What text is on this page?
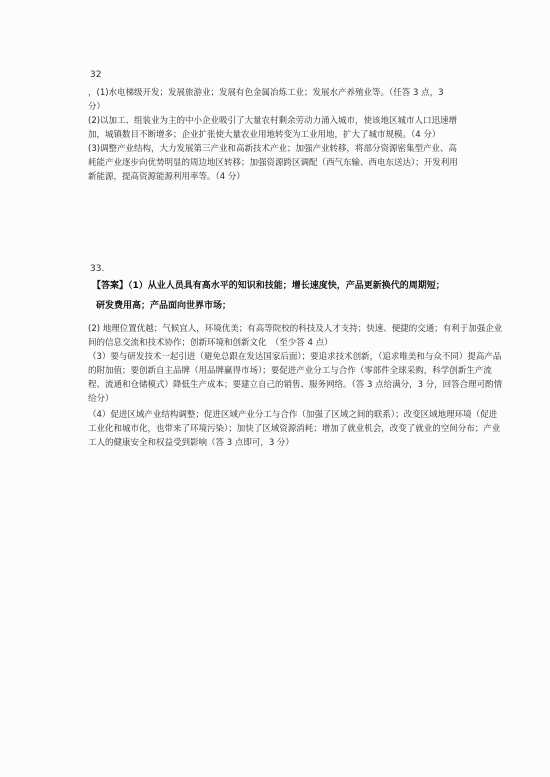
32

，(1)水电梯级开发；发展旅游业；发展有色金属冶炼工业；发展水产养殖业等。（任答 3 点，3 分）

(2)以加工、组装业为主的中小企业吸引了大量农村剩余劳动力涌入城市，使该地区城市人口迅速增加，城镇数目不断增多；企业扩张使大量农业用地转变为工业用地，扩大了城市规模。（4 分）

(3)调整产业结构，大力发展第三产业和高新技术产业；加强产业转移，将部分资源密集型产业、高耗能产业逐步向优势明显的周边地区转移；加强资源跨区调配（西气东输、西电东送达）；开发利用新能源，提高资源能源利用率等。（4 分）

33.

【答案】（1）从业人员具有高水平的知识和技能；增长速度快，产品更新换代的周期短；

研发费用高；产品面向世界市场；

(2) 地理位置优越；气候宜人，环境优美；有高等院校的科技及人才支持；快速、便捷的交通；有利于加强企业间的信息交流和技术协作；创新环境和创新文化　（至少答 4 点）

（3）要与研发技术一起引进（避免总跟在发达国家后面）；要追求技术创新，（追求唯美和与众不同）提高产品的附加值；要创新自主品牌（用品牌赢得市场）；要促进产业分工与合作（零部件全球采购，科学创新生产流程、流通和仓储模式）降低生产成本；要建立自己的销售、服务网络。（答 3 点给满分，3 分，回答合理可酌情给分）

（4）促进区域产业结构调整；促进区域产业分工与合作（加强了区域之间的联系）；改变区域地理环境（促进工业化和城市化，也带来了环境污染）；加快了区域资源消耗；增加了就业机会，改变了就业的空间分布；产业工人的健康安全和权益受到影响（答 3 点即可，3 分）
